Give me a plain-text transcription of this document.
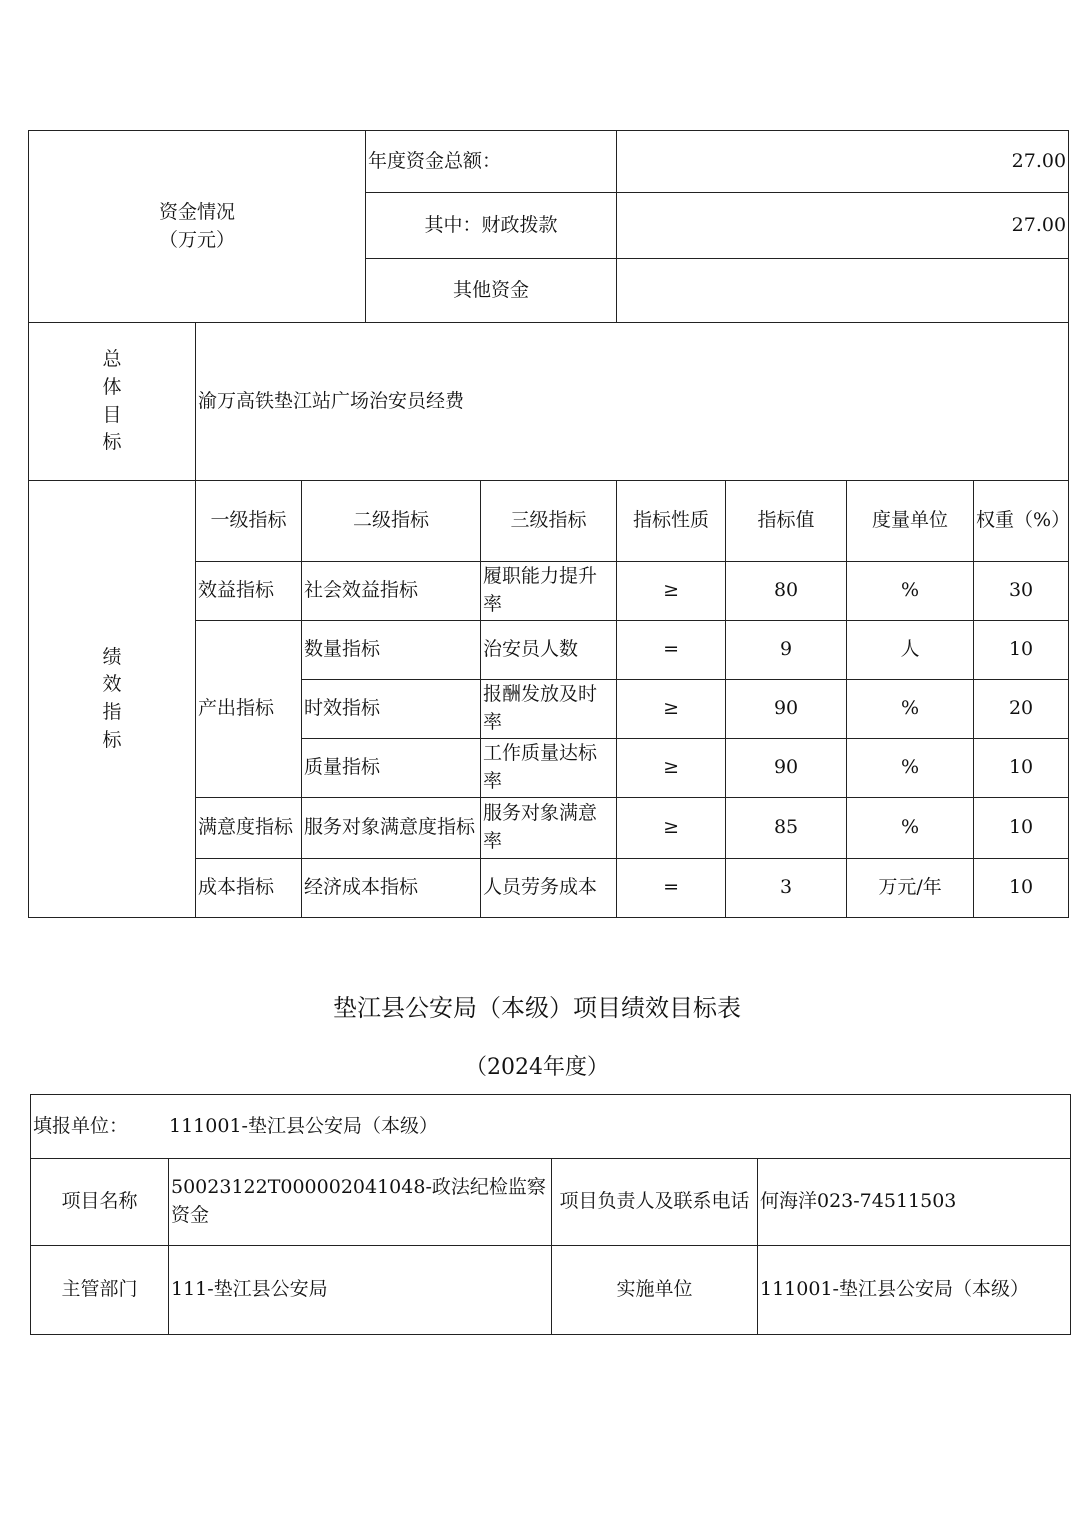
资金情况
（万元）			年度资金总额：		27.00			
			其中：财政拨款		27.00			
			其他资金					

总
体
目
标	渝万高铁垫江站广场治安员经费							

绩
效
指
标	一级指标	二级指标		三级指标	指标性质	指标值	度量单位	权重（%）
	效益指标	社会效益指标		履职能力提升率	≥	80	%	30
	产出指标	数量指标		治安员人数	=	9	人	10
		时效指标		报酬发放及时率	≥	90	%	20
		质量指标		工作质量达标率	≥	90	%	10
	满意度指标	服务对象满意度指标		服务对象满意率	≥	85	%	10
	成本指标	经济成本指标		人员劳务成本	=	3	万元/年	10
垫江县公安局（本级）项目绩效目标表
（2024年度）
填报单位： 111001-垫江县公安局（本级）			
项目名称	50023122T000002041048-政法纪检监察资金	项目负责人及联系电话	何海洋023-74511503
主管部门	111-垫江县公安局	实施单位	111001-垫江县公安局（本级）
